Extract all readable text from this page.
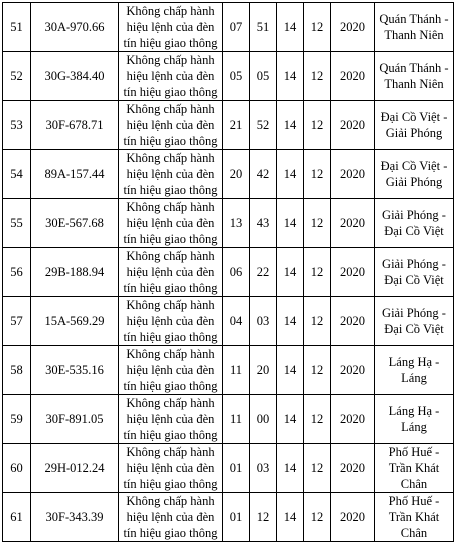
51	30A-970.66	Không chấp hành hiệu lệnh của đèn tín hiệu giao thông	07	51	14	12	2020	Quán Thánh - Thanh Niên
52	30G-384.40	Không chấp hành hiệu lệnh của đèn tín hiệu giao thông	05	05	14	12	2020	Quán Thánh - Thanh Niên
53	30F-678.71	Không chấp hành hiệu lệnh của đèn tín hiệu giao thông	21	52	14	12	2020	Đại Cồ Việt - Giải Phóng
54	89A-157.44	Không chấp hành hiệu lệnh của đèn tín hiệu giao thông	20	42	14	12	2020	Đại Cồ Việt - Giải Phóng
55	30E-567.68	Không chấp hành hiệu lệnh của đèn tín hiệu giao thông	13	43	14	12	2020	Giải Phóng - Đại Cồ Việt
56	29B-188.94	Không chấp hành hiệu lệnh của đèn tín hiệu giao thông	06	22	14	12	2020	Giải Phóng - Đại Cồ Việt
57	15A-569.29	Không chấp hành hiệu lệnh của đèn tín hiệu giao thông	04	03	14	12	2020	Giải Phóng - Đại Cồ Việt
58	30E-535.16	Không chấp hành hiệu lệnh của đèn tín hiệu giao thông	11	20	14	12	2020	Láng Hạ - Láng
59	30F-891.05	Không chấp hành hiệu lệnh của đèn tín hiệu giao thông	11	00	14	12	2020	Láng Hạ - Láng
60	29H-012.24	Không chấp hành hiệu lệnh của đèn tín hiệu giao thông	01	03	14	12	2020	Phố Huế - Trần Khát Chân
61	30F-343.39	Không chấp hành hiệu lệnh của đèn tín hiệu giao thông	01	12	14	12	2020	Phố Huế - Trần Khát Chân
